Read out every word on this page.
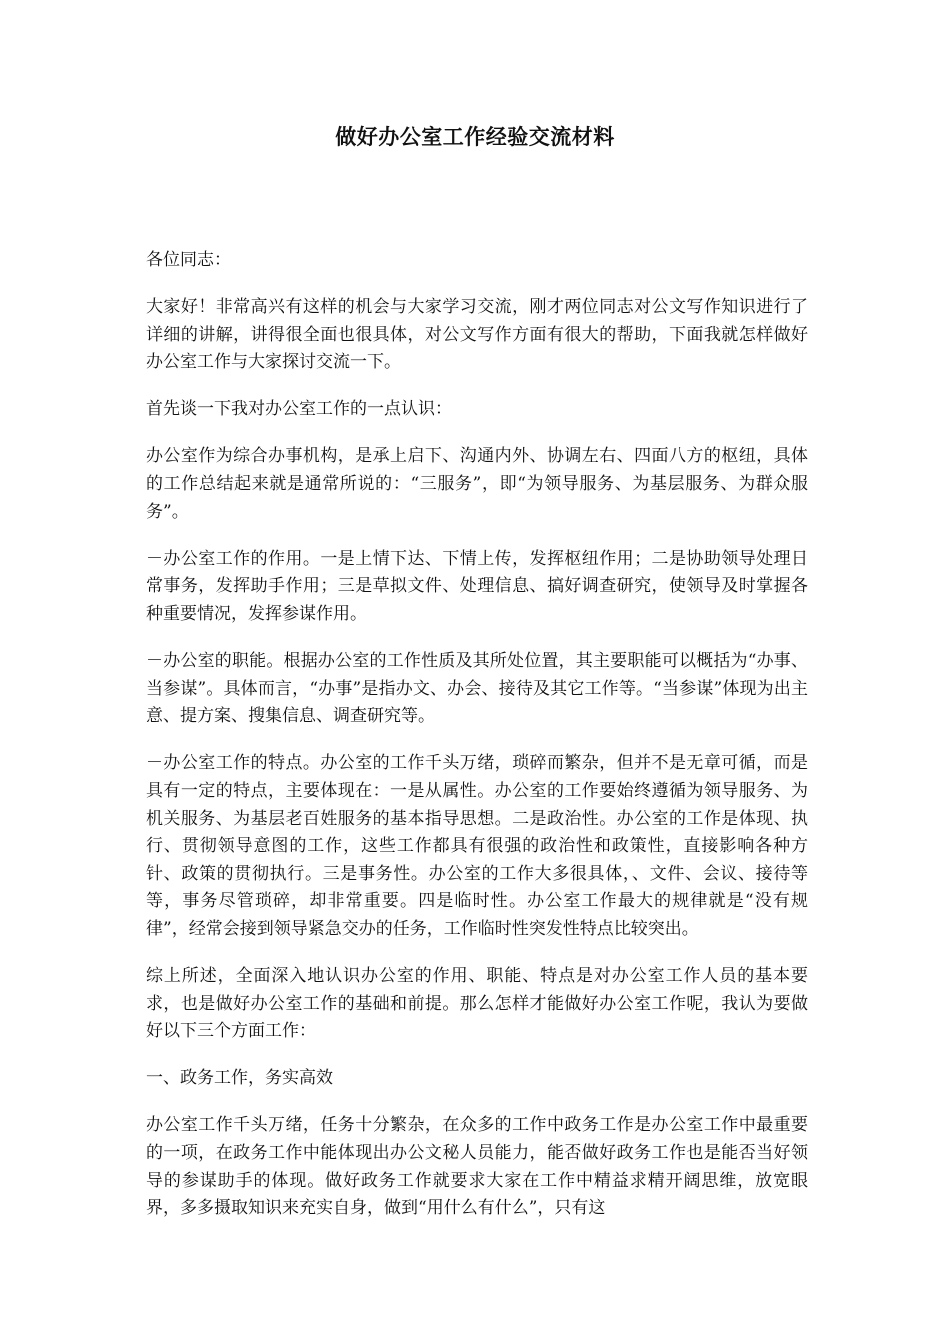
做好办公室工作经验交流材料

各位同志：

大家好！非常高兴有这样的机会与大家学习交流，刚才两位同志对公文写作知识进行了详细的讲解，讲得很全面也很具体，对公文写作方面有很大的帮助，下面我就怎样做好办公室工作与大家探讨交流一下。

首先谈一下我对办公室工作的一点认识：

办公室作为综合办事机构，是承上启下、沟通内外、协调左右、四面八方的枢纽，具体的工作总结起来就是通常所说的：“三服务”，即“为领导服务、为基层服务、为群众服务”。

－办公室工作的作用。一是上情下达、下情上传，发挥枢纽作用；二是协助领导处理日常事务，发挥助手作用；三是草拟文件、处理信息、搞好调查研究，使领导及时掌握各种重要情况，发挥参谋作用。

－办公室的职能。根据办公室的工作性质及其所处位置，其主要职能可以概括为“办事、当参谋”。具体而言，“办事”是指办文、办会、接待及其它工作等。“当参谋”体现为出主意、提方案、搜集信息、调查研究等。

－办公室工作的特点。办公室的工作千头万绪，琐碎而繁杂，但并不是无章可循，而是具有一定的特点，主要体现在：一是从属性。办公室的工作要始终遵循为领导服务、为机关服务、为基层老百姓服务的基本指导思想。二是政治性。办公室的工作是体现、执行、贯彻领导意图的工作，这些工作都具有很强的政治性和政策性，直接影响各种方针、政策的贯彻执行。三是事务性。办公室的工作大多很具体，、文件、会议、接待等等，事务尽管琐碎，却非常重要。四是临时性。办公室工作最大的规律就是“没有规律”，经常会接到领导紧急交办的任务，工作临时性突发性特点比较突出。

综上所述，全面深入地认识办公室的作用、职能、特点是对办公室工作人员的基本要求，也是做好办公室工作的基础和前提。那么怎样才能做好办公室工作呢，我认为要做好以下三个方面工作：

一、政务工作，务实高效

办公室工作千头万绪，任务十分繁杂，在众多的工作中政务工作是办公室工作中最重要的一项，在政务工作中能体现出办公文秘人员能力，能否做好政务工作也是能否当好领导的参谋助手的体现。做好政务工作就要求大家在工作中精益求精开阔思维，放宽眼界，多多摄取知识来充实自身，做到“用什么有什么”，只有这
